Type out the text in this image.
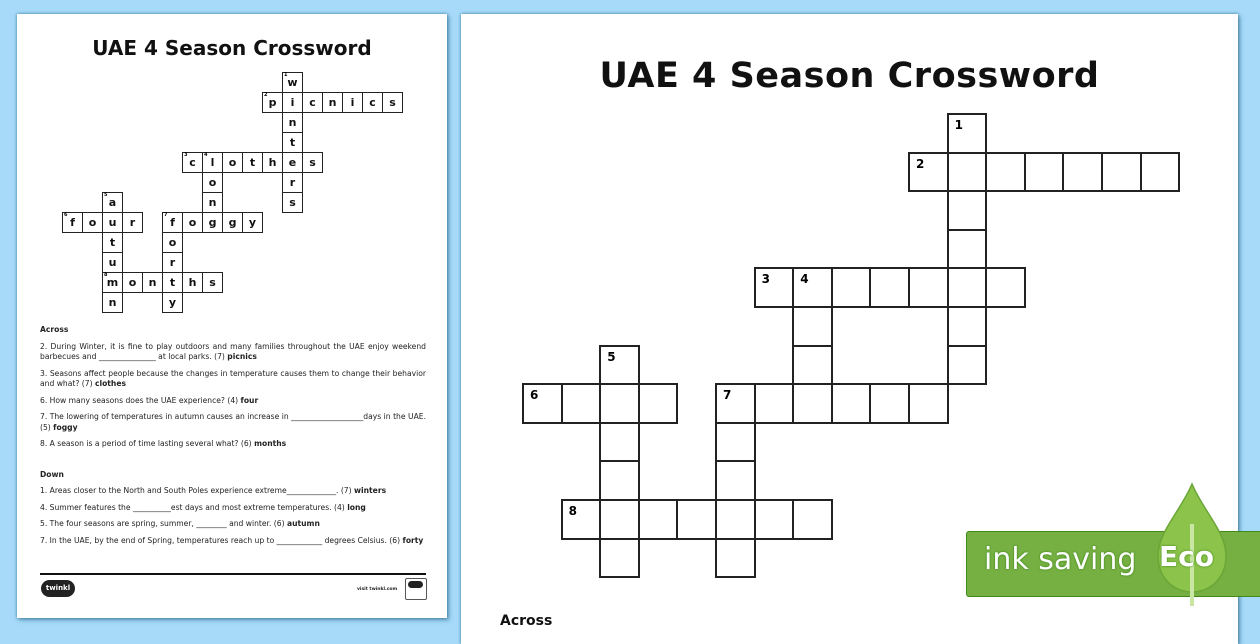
UAE 4 Season Crossword
1
w
i
n
t
e
r
s
2
p	c	n	i	c	s
3
c
4
l	o	t	h	s
o
n
g
5
a
u
t
u
8
m
n
6
f	o	r
7
f	o	g	y
o
r
t
y
o	n	h	s
Across
2. During Winter, it is fine to play outdoors and many families throughout the UAE enjoy weekend barbecues and _______________ at local parks. (7) picnics
3. Seasons affect people because the changes in temperature causes them to change their behavior and what? (7) clothes
6. How many seasons does the UAE experience? (4) four
7. The lowering of temperatures in autumn causes an increase in ___________________days in the UAE. (5) foggy
8. A season is a period of time lasting several what? (6) months
Down
1. Areas closer to the North and South Poles experience extreme_____________. (7) winters
4. Summer features the __________est days and most extreme temperatures. (4) long
5. The four seasons are spring, summer, ________ and winter. (6) autumn
7. In the UAE, by the end of Spring, temperatures reach up to ____________ degrees Celsius. (6) forty
twinkl	visit twinkl.com
UAE 4 Season Crossword
1
2
3	4
5
6	7
8
Across
ink saving Eco
